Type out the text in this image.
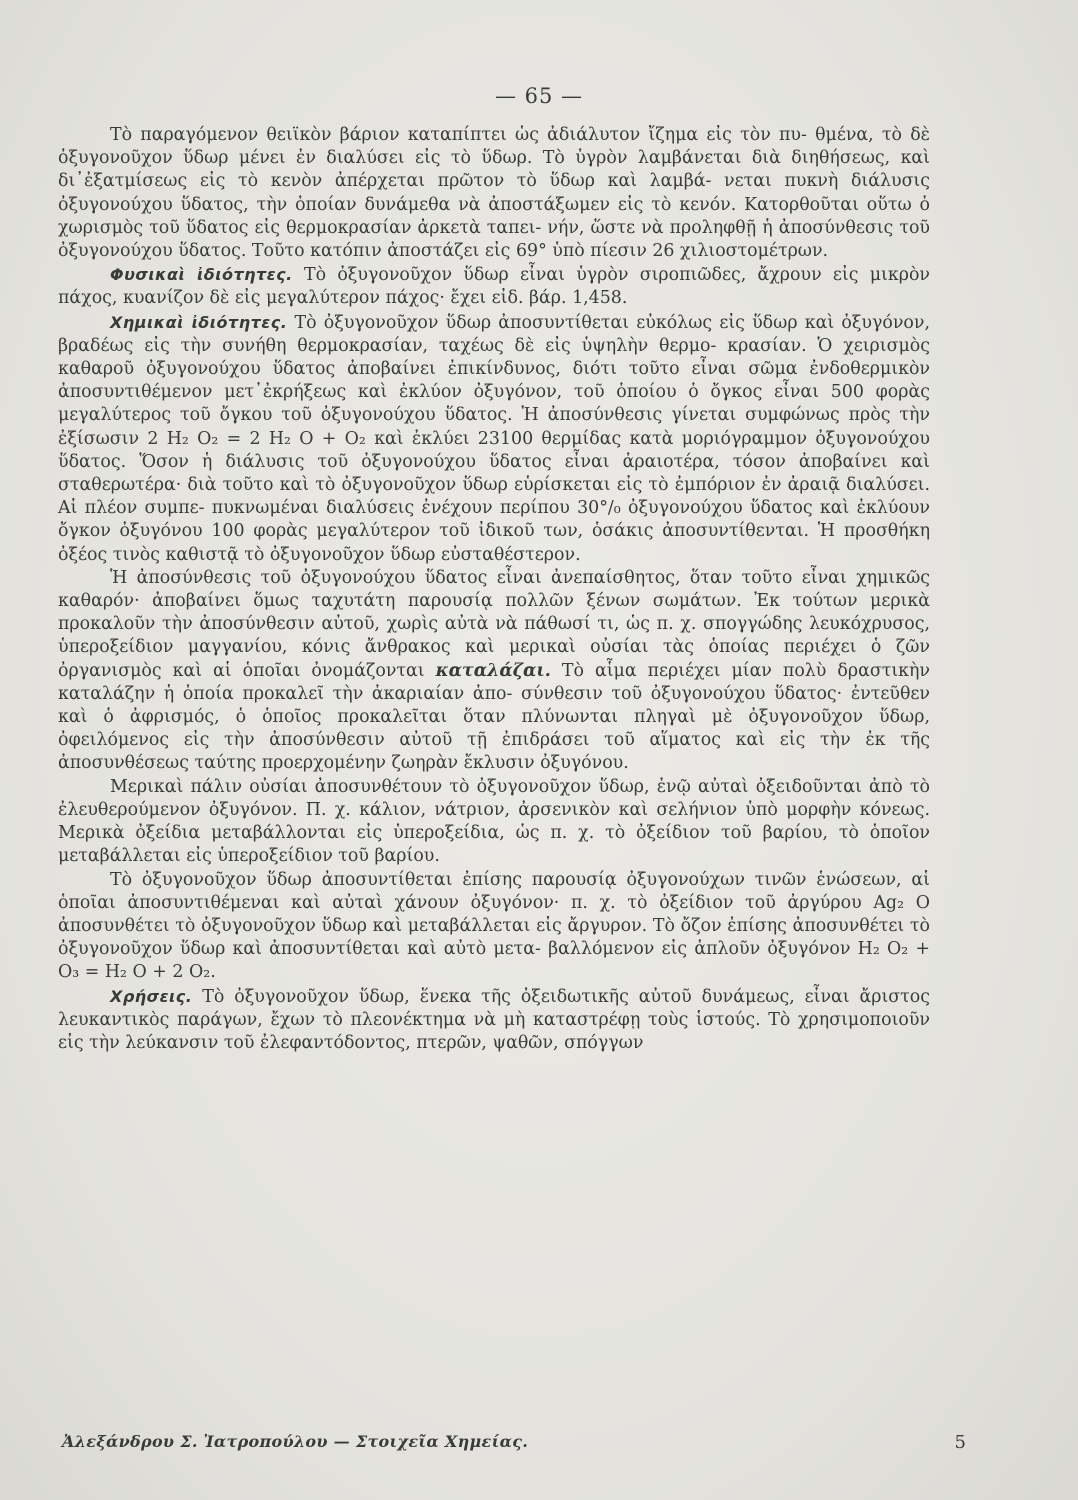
— 65 —

Τὸ παραγόμενον θειϊκὸν βάριον καταπίπτει ὡς ἀδιάλυτον ἴζημα εἰς τὸν πυ- θμένα, τὸ δὲ ὀξυγονοῦχον ὕδωρ μένει ἐν διαλύσει εἰς τὸ ὕδωρ. Τὸ ὑγρὸν λαμβάνεται διὰ διηθήσεως, καὶ δι᾽ἐξατμίσεως εἰς τὸ κενὸν ἀπέρχεται πρῶτον τὸ ὕδωρ καὶ λαμβά- νεται πυκνὴ διάλυσις ὀξυγονούχου ὕδατος, τὴν ὁποίαν δυνάμεθα νὰ ἀποστάξωμεν εἰς τὸ κενόν. Κατορθοῦται οὕτω ὁ χωρισμὸς τοῦ ὕδατος εἰς θερμοκρασίαν ἀρκετὰ ταπει- νήν, ὥστε νὰ προληφθῇ ἡ ἀποσύνθεσις τοῦ ὀξυγονούχου ὕδατος. Τοῦτο κατόπιν ἀποστάζει εἰς 69° ὑπὸ πίεσιν 26 χιλιοστομέτρων.

Φυσικαὶ ἰδιότητες. Τὸ ὀξυγονοῦχον ὕδωρ εἶναι ὑγρὸν σιροπιῶδες, ἄχρουν εἰς μικρὸν πάχος, κυανίζον δὲ εἰς μεγαλύτερον πάχος· ἔχει εἰδ. βάρ. 1,458.

Χημικαὶ ἰδιότητες. Τὸ ὀξυγονοῦχον ὕδωρ ἀποσυντίθεται εὐκόλως εἰς ὕδωρ καὶ ὀξυγόνον, βραδέως εἰς τὴν συνήθη θερμοκρασίαν, ταχέως δὲ εἰς ὑψηλὴν θερμο- κρασίαν. Ὁ χειρισμὸς καθαροῦ ὀξυγονούχου ὕδατος ἀποβαίνει ἐπικίνδυνος, διότι τοῦτο εἶναι σῶμα ἐνδοθερμικὸν ἀποσυντιθέμενον μετ᾽ἐκρήξεως καὶ ἐκλύον ὀξυγόνον, τοῦ ὁποίου ὁ ὄγκος εἶναι 500 φορὰς μεγαλύτερος τοῦ ὄγκου τοῦ ὀξυγονούχου ὕδατος. Ἡ ἀποσύνθεσις γίνεται συμφώνως πρὸς τὴν ἐξίσωσιν 2 H₂ O₂ = 2 H₂ O + O₂ καὶ ἐκλύει 23100 θερμίδας κατὰ μοριόγραμμον ὀξυγονούχου ὕδατος. Ὅσον ἡ διάλυσις τοῦ ὀξυγονούχου ὕδατος εἶναι ἀραιοτέρα, τόσον ἀποβαίνει καὶ σταθερωτέρα· διὰ τοῦτο καὶ τὸ ὀξυγονοῦχον ὕδωρ εὑρίσκεται εἰς τὸ ἐμπόριον ἐν ἀραιᾷ διαλύσει. Αἱ πλέον συμπε- πυκνωμέναι διαλύσεις ἐνέχουν περίπου 30°/₀ ὀξυγονούχου ὕδατος καὶ ἐκλύουν ὄγκον ὀξυγόνου 100 φορὰς μεγαλύτερον τοῦ ἰδικοῦ των, ὁσάκις ἀποσυντίθενται. Ἡ προσθήκη ὀξέος τινὸς καθιστᾷ τὸ ὀξυγονοῦχον ὕδωρ εὐσταθέστερον.

Ἡ ἀποσύνθεσις τοῦ ὀξυγονούχου ὕδατος εἶναι ἀνεπαίσθητος, ὅταν τοῦτο εἶναι χημικῶς καθαρόν· ἀποβαίνει ὅμως ταχυτάτη παρουσίᾳ πολλῶν ξένων σωμάτων. Ἐκ τούτων μερικὰ προκαλοῦν τὴν ἀποσύνθεσιν αὐτοῦ, χωρὶς αὐτὰ νὰ πάθωσί τι, ὡς π. χ. σπογγώδης λευκόχρυσος, ὑπεροξείδιον μαγγανίου, κόνις ἄνθρακος καὶ μερικαὶ οὐσίαι τὰς ὁποίας περιέχει ὁ ζῶν ὀργανισμὸς καὶ αἱ ὁποῖαι ὀνομάζονται καταλάζαι. Τὸ αἷμα περιέχει μίαν πολὺ δραστικὴν καταλάζην ἡ ὁποία προκαλεῖ τὴν ἀκαριαίαν ἀπο- σύνθεσιν τοῦ ὀξυγονούχου ὕδατος· ἐντεῦθεν καὶ ὁ ἀφρισμός, ὁ ὁποῖος προκαλεῖται ὅταν πλύνωνται πληγαὶ μὲ ὀξυγονοῦχον ὕδωρ, ὀφειλόμενος εἰς τὴν ἀποσύνθεσιν αὐτοῦ τῇ ἐπιδράσει τοῦ αἵματος καὶ εἰς τὴν ἐκ τῆς ἀποσυνθέσεως ταύτης προερχομένην ζωηρὰν ἔκλυσιν ὀξυγόνου.

Μερικαὶ πάλιν οὐσίαι ἀποσυνθέτουν τὸ ὀξυγονοῦχον ὕδωρ, ἐνῷ αὐταὶ ὀξειδοῦνται ἀπὸ τὸ ἐλευθερούμενον ὀξυγόνον. Π. χ. κάλιον, νάτριον, ἀρσενικὸν καὶ σελήνιον ὑπὸ μορφὴν κόνεως. Μερικὰ ὀξείδια μεταβάλλονται εἰς ὑπεροξείδια, ὡς π. χ. τὸ ὀξείδιον τοῦ βαρίου, τὸ ὁποῖον μεταβάλλεται εἰς ὑπεροξείδιον τοῦ βαρίου.

Τὸ ὀξυγονοῦχον ὕδωρ ἀποσυντίθεται ἐπίσης παρουσίᾳ ὀξυγονούχων τινῶν ἑνώσεων, αἱ ὁποῖαι ἀποσυντιθέμεναι καὶ αὐταὶ χάνουν ὀξυγόνον· π. χ. τὸ ὀξείδιον τοῦ ἀργύρου Ag₂ O ἀποσυνθέτει τὸ ὀξυγονοῦχον ὕδωρ καὶ μεταβάλλεται εἰς ἄργυρον. Τὸ ὄζον ἐπίσης ἀποσυνθέτει τὸ ὀξυγονοῦχον ὕδωρ καὶ ἀποσυντίθεται καὶ αὐτὸ μετα- βαλλόμενον εἰς ἁπλοῦν ὀξυγόνον H₂ O₂ + O₃ = H₂ O + 2 O₂.

Χρήσεις. Τὸ ὀξυγονοῦχον ὕδωρ, ἕνεκα τῆς ὀξειδωτικῆς αὐτοῦ δυνάμεως, εἶναι ἄριστος λευκαντικὸς παράγων, ἔχων τὸ πλεονέκτημα νὰ μὴ καταστρέφῃ τοὺς ἱστούς. Τὸ χρησιμοποιοῦν εἰς τὴν λεύκανσιν τοῦ ἐλεφαντόδοντος, πτερῶν, ψαθῶν, σπόγγων

Ἀλεξάνδρου Σ. Ἰατροπούλου — Στοιχεῖα Χημείας.	5
